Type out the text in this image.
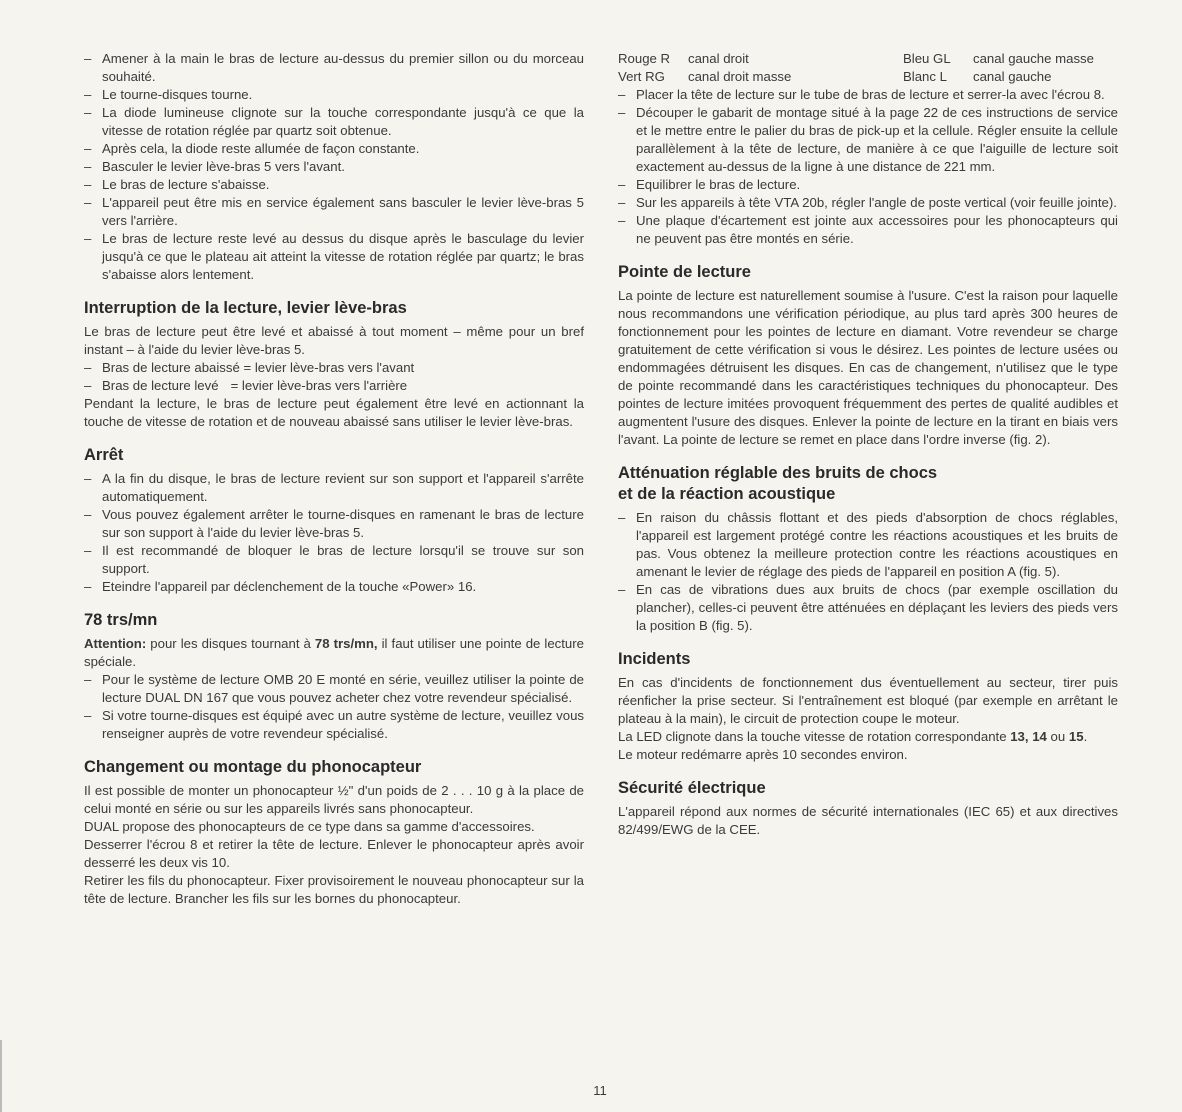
– Amener à la main le bras de lecture au-dessus du premier sillon ou du morceau souhaité.
– Le tourne-disques tourne.
– La diode lumineuse clignote sur la touche correspondante jusqu'à ce que la vitesse de rotation réglée par quartz soit obtenue.
– Après cela, la diode reste allumée de façon constante.
– Basculer le levier lève-bras 5 vers l'avant.
– Le bras de lecture s'abaisse.
– L'appareil peut être mis en service également sans basculer le levier lève-bras 5 vers l'arrière.
– Le bras de lecture reste levé au dessus du disque après le basculage du levier jusqu'à ce que le plateau ait atteint la vitesse de rotation réglée par quartz; le bras s'abaisse alors lentement.
Interruption de la lecture, levier lève-bras

Le bras de lecture peut être levé et abaissé à tout moment – même pour un bref instant – à l'aide du levier lève-bras 5.

– Bras de lecture abaissé = levier lève-bras vers l'avant
– Bras de lecture levé = levier lève-bras vers l'arrière

Pendant la lecture, le bras de lecture peut également être levé en actionnant la touche de vitesse de rotation et de nouveau abaissé sans utiliser le levier lève-bras.

Arrêt
– A la fin du disque, le bras de lecture revient sur son support et l'appareil s'arrête automatiquement.
– Vous pouvez également arrêter le tourne-disques en ramenant le bras de lecture sur son support à l'aide du levier lève-bras 5.
– Il est recommandé de bloquer le bras de lecture lorsqu'il se trouve sur son support.
– Eteindre l'appareil par déclenchement de la touche «Power» 16.
78 trs/mn

Attention: pour les disques tournant à 78 trs/mn, il faut utiliser une pointe de lecture spéciale.

– Pour le système de lecture OMB 20 E monté en série, veuillez utiliser la pointe de lecture DUAL DN 167 que vous pouvez acheter chez votre revendeur spécialisé.
– Si votre tourne-disques est équipé avec un autre système de lecture, veuillez vous renseigner auprès de votre revendeur spécialisé.
Changement ou montage du phonocapteur

Il est possible de monter un phonocapteur ½" d'un poids de 2 . . . 10 g à la place de celui monté en série ou sur les appareils livrés sans phonocapteur.

DUAL propose des phonocapteurs de ce type dans sa gamme d'accessoires.

Desserrer l'écrou 8 et retirer la tête de lecture. Enlever le phonocapteur après avoir desserré les deux vis 10.

Retirer les fils du phonocapteur. Fixer provisoirement le nouveau phonocapteur sur la tête de lecture. Brancher les fils sur les bornes du phonocapteur.

Rouge R	canal droit	Bleu GL	canal gauche masse
Vert RG	canal droit masse	Blanc L	canal gauche
– Placer la tête de lecture sur le tube de bras de lecture et serrer-la avec l'écrou 8.
– Découper le gabarit de montage situé à la page 22 de ces instructions de service et le mettre entre le palier du bras de pick-up et la cellule. Régler ensuite la cellule parallèlement à la tête de lecture, de manière à ce que l'aiguille de lecture soit exactement au-dessus de la ligne à une distance de 221 mm.
– Equilibrer le bras de lecture.
– Sur les appareils à tête VTA 20b, régler l'angle de poste vertical (voir feuille jointe).
– Une plaque d'écartement est jointe aux accessoires pour les phonocapteurs qui ne peuvent pas être montés en série.
Pointe de lecture

La pointe de lecture est naturellement soumise à l'usure. C'est la raison pour laquelle nous recommandons une vérification périodique, au plus tard après 300 heures de fonctionnement pour les pointes de lecture en diamant. Votre revendeur se charge gratuitement de cette vérification si vous le désirez. Les pointes de lecture usées ou endommagées détruisent les disques. En cas de changement, n'utilisez que le type de pointe recommandé dans les caractéristiques techniques du phonocapteur. Des pointes de lecture imitées provoquent fréquemment des pertes de qualité audibles et augmentent l'usure des disques. Enlever la pointe de lecture en la tirant en biais vers l'avant. La pointe de lecture se remet en place dans l'ordre inverse (fig. 2).

Atténuation réglable des bruits de chocs
et de la réaction acoustique
– En raison du châssis flottant et des pieds d'absorption de chocs réglables, l'appareil est largement protégé contre les réactions acoustiques et les bruits de pas. Vous obtenez la meilleure protection contre les réactions acoustiques en amenant le levier de réglage des pieds de l'appareil en position A (fig. 5).
– En cas de vibrations dues aux bruits de chocs (par exemple oscillation du plancher), celles-ci peuvent être atténuées en déplaçant les leviers des pieds vers la position B (fig. 5).
Incidents

En cas d'incidents de fonctionnement dus éventuellement au secteur, tirer puis réenficher la prise secteur. Si l'entraînement est bloqué (par exemple en arrêtant le plateau à la main), le circuit de protection coupe le moteur.

La LED clignote dans la touche vitesse de rotation correspondante 13, 14 ou 15.

Le moteur redémarre après 10 secondes environ.

Sécurité électrique

L'appareil répond aux normes de sécurité internationales (IEC 65) et aux directives 82/499/EWG de la CEE.

11
